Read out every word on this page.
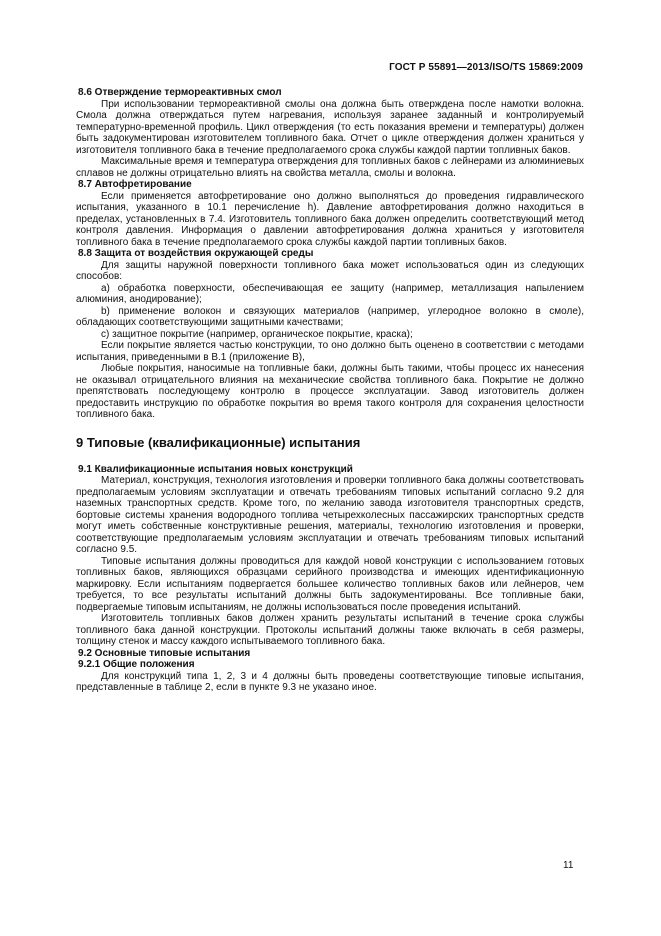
ГОСТ Р 55891—2013/ISO/TS 15869:2009
8.6 Отверждение термореактивных смол
При использовании термореактивной смолы она должна быть отверждена после намотки волокна. Смола должна отверждаться путем нагревания, используя заранее заданный и контролируемый температурно-временной профиль. Цикл отверждения (то есть показания времени и температуры) должен быть задокументирован изготовителем топливного бака. Отчет о цикле отверждения должен храниться у изготовителя топливного бака в течение предполагаемого срока службы каждой партии топливных баков.
Максимальные время и температура отверждения для топливных баков с лейнерами из алюминиевых сплавов не должны отрицательно влиять на свойства металла, смолы и волокна.
8.7 Автофретирование
Если применяется автофретирование оно должно выполняться до проведения гидравлического испытания, указанного в 10.1 перечисление h). Давление автофретирования должно находиться в пределах, установленных в 7.4. Изготовитель топливного бака должен определить соответствующий метод контроля давления. Информация о давлении автофретирования должна храниться у изготовителя топливного бака в течение предполагаемого срока службы каждой партии топливных баков.
8.8 Защита от воздействия окружающей среды
Для защиты наружной поверхности топливного бака может использоваться один из следующих способов:
а) обработка поверхности, обеспечивающая ее защиту (например, металлизация напылением алюминия, анодирование);
b) применение волокон и связующих материалов (например, углеродное волокно в смоле), обладающих соответствующими защитными качествами;
c) защитное покрытие (например, органическое покрытие, краска);
Если покрытие является частью конструкции, то оно должно быть оценено в соответствии с методами испытания, приведенными в В.1 (приложение В),
Любые покрытия, наносимые на топливные баки, должны быть такими, чтобы процесс их нанесения не оказывал отрицательного влияния на механические свойства топливного бака. Покрытие не должно препятствовать последующему контролю в процессе эксплуатации. Завод изготовитель должен предоставить инструкцию по обработке покрытия во время такого контроля для сохранения целостности топливного бака.
9 Типовые (квалификационные) испытания
9.1 Квалификационные испытания новых конструкций
Материал, конструкция, технология изготовления и проверки топливного бака должны соответствовать предполагаемым условиям эксплуатации и отвечать требованиям типовых испытаний согласно 9.2 для наземных транспортных средств. Кроме того, по желанию завода изготовителя транспортных средств, бортовые системы хранения водородного топлива четырехколесных пассажирских транспортных средств могут иметь собственные конструктивные решения, материалы, технологию изготовления и проверки, соответствующие предполагаемым условиям эксплуатации и отвечать требованиям типовых испытаний согласно 9.5.
Типовые испытания должны проводиться для каждой новой конструкции с использованием готовых топливных баков, являющихся образцами серийного производства и имеющих идентификационную маркировку. Если испытаниям подвергается большее количество топливных баков или лейнеров, чем требуется, то все результаты испытаний должны быть задокументированы. Все топливные баки, подвергаемые типовым испытаниям, не должны использоваться после проведения испытаний.
Изготовитель топливных баков должен хранить результаты испытаний в течение срока службы топливного бака данной конструкции. Протоколы испытаний должны также включать в себя размеры, толщину стенок и массу каждого испытываемого топливного бака.
9.2 Основные типовые испытания
9.2.1 Общие положения
Для конструкций типа 1, 2, 3 и 4 должны быть проведены соответствующие типовые испытания, представленные в таблице 2, если в пункте 9.3 не указано иное.
11
